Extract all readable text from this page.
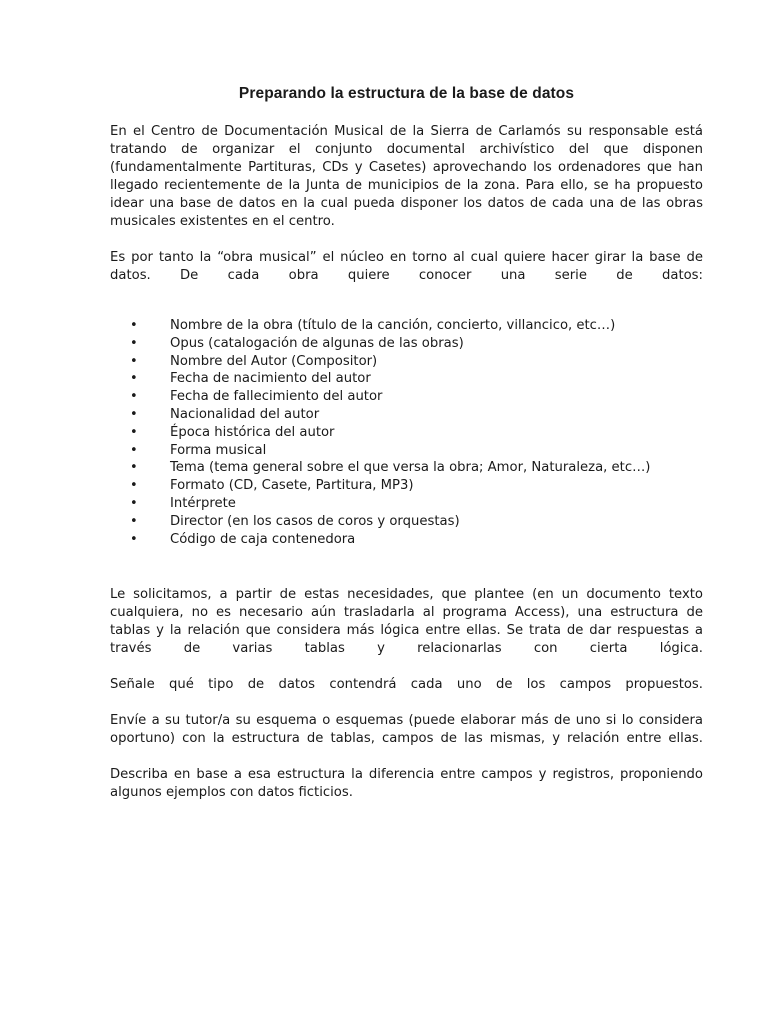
Preparando la estructura de la base de datos

En el Centro de Documentación Musical de la Sierra de Carlamós su responsable está tratando de organizar el conjunto documental archivístico del que disponen (fundamentalmente Partituras, CDs y Casetes) aprovechando los ordenadores que han llegado recientemente de la Junta de municipios de la zona. Para ello, se ha propuesto idear una base de datos en la cual pueda disponer los datos de cada una de las obras musicales existentes en el centro.

Es por tanto la “obra musical” el núcleo en torno al cual quiere hacer girar la base de datos. De cada obra quiere conocer una serie de datos:

• Nombre de la obra (título de la canción, concierto, villancico, etc…)
• Opus (catalogación de algunas de las obras)
• Nombre del Autor (Compositor)
• Fecha de nacimiento del autor
• Fecha de fallecimiento del autor
• Nacionalidad del autor
• Época histórica del autor
• Forma musical
• Tema (tema general sobre el que versa la obra; Amor, Naturaleza, etc…)
• Formato (CD, Casete, Partitura, MP3)
• Intérprete
• Director (en los casos de coros y orquestas)
• Código de caja contenedora

Le solicitamos, a partir de estas necesidades, que plantee (en un documento texto cualquiera, no es necesario aún trasladarla al programa Access), una estructura de tablas y la relación que considera más lógica entre ellas. Se trata de dar respuestas a través de varias tablas y relacionarlas con cierta lógica.

Señale qué tipo de datos contendrá cada uno de los campos propuestos.

Envíe a su tutor/a su esquema o esquemas (puede elaborar más de uno si lo considera oportuno) con la estructura de tablas, campos de las mismas, y relación entre ellas.

Describa en base a esa estructura la diferencia entre campos y registros, proponiendo algunos ejemplos con datos ficticios.
